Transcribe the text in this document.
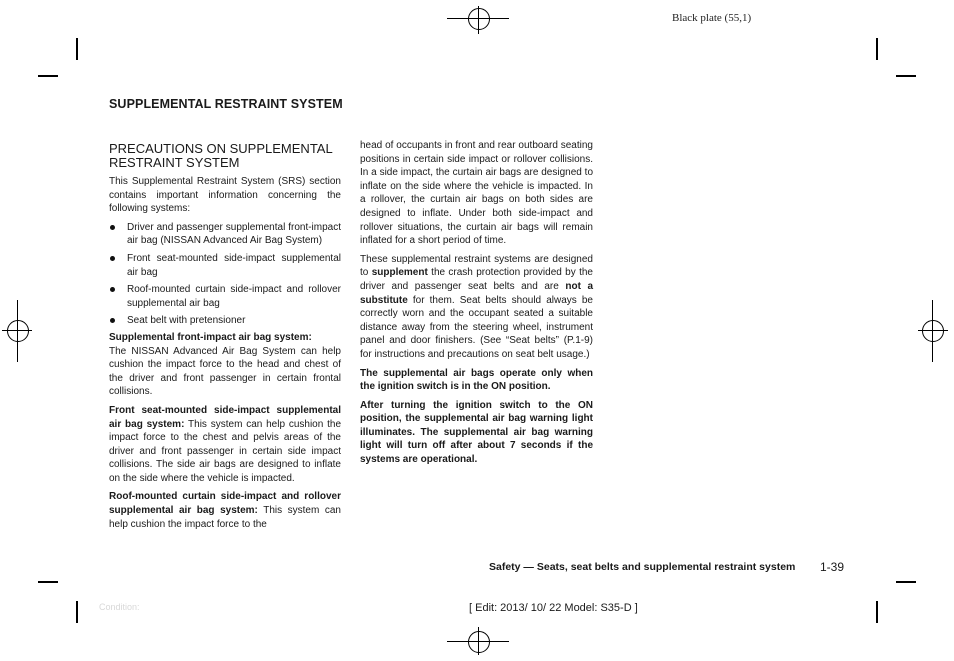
Black plate (55,1)
SUPPLEMENTAL RESTRAINT SYSTEM
PRECAUTIONS ON SUPPLEMENTAL RESTRAINT SYSTEM

This Supplemental Restraint System (SRS) section contains important information concerning the following systems:

Driver and passenger supplemental front-impact air bag (NISSAN Advanced Air Bag System)
Front seat-mounted side-impact supplemental air bag
Roof-mounted curtain side-impact and rollover supplemental air bag
Seat belt with pretensioner

Supplemental front-impact air bag system:
The NISSAN Advanced Air Bag System can help cushion the impact force to the head and chest of the driver and front passenger in certain frontal collisions.

Front seat-mounted side-impact supplemental air bag system: This system can help cushion the impact force to the chest and pelvis areas of the driver and front passenger in certain side impact collisions. The side air bags are designed to inflate on the side where the vehicle is impacted.

Roof-mounted curtain side-impact and rollover supplemental air bag system: This system can help cushion the impact force to the

head of occupants in front and rear outboard seating positions in certain side impact or rollover collisions. In a side impact, the curtain air bags are designed to inflate on the side where the vehicle is impacted. In a rollover, the curtain air bags on both sides are designed to inflate. Under both side-impact and rollover situations, the curtain air bags will remain inflated for a short period of time.

These supplemental restraint systems are designed to supplement the crash protection provided by the driver and passenger seat belts and are not a substitute for them. Seat belts should always be correctly worn and the occupant seated a suitable distance away from the steering wheel, instrument panel and door finishers. (See “Seat belts” (P.1-9) for instructions and precautions on seat belt usage.)

The supplemental air bags operate only when the ignition switch is in the ON position.

After turning the ignition switch to the ON position, the supplemental air bag warning light illuminates. The supplemental air bag warning light will turn off after about 7 seconds if the systems are operational.

Safety — Seats, seat belts and supplemental restraint system 1-39
Condition:	[ Edit: 2013/ 10/ 22 Model: S35-D ]
